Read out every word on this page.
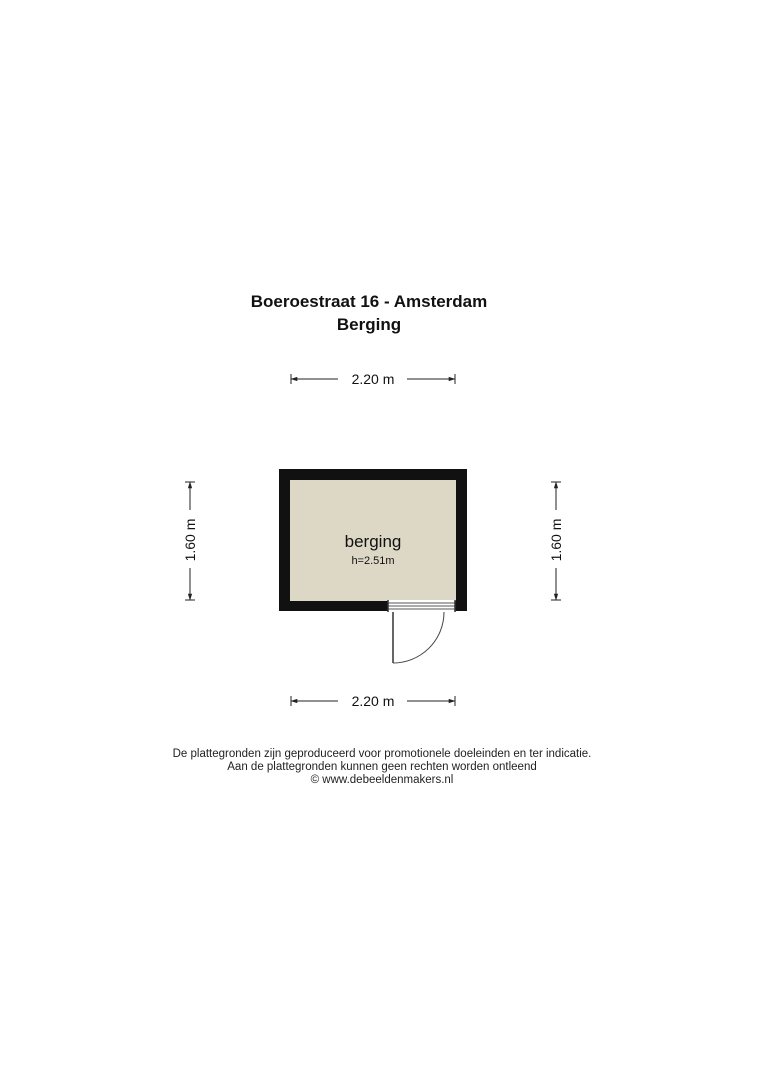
Boeroestraat 16 - Amsterdam
Berging
2.20 m
1.60 m	1.60 m
berging
h=2.51m
2.20 m
De plattegronden zijn geproduceerd voor promotionele doeleinden en ter indicatie.
Aan de plattegronden kunnen geen rechten worden ontleend
© www.debeeldenmakers.nl
